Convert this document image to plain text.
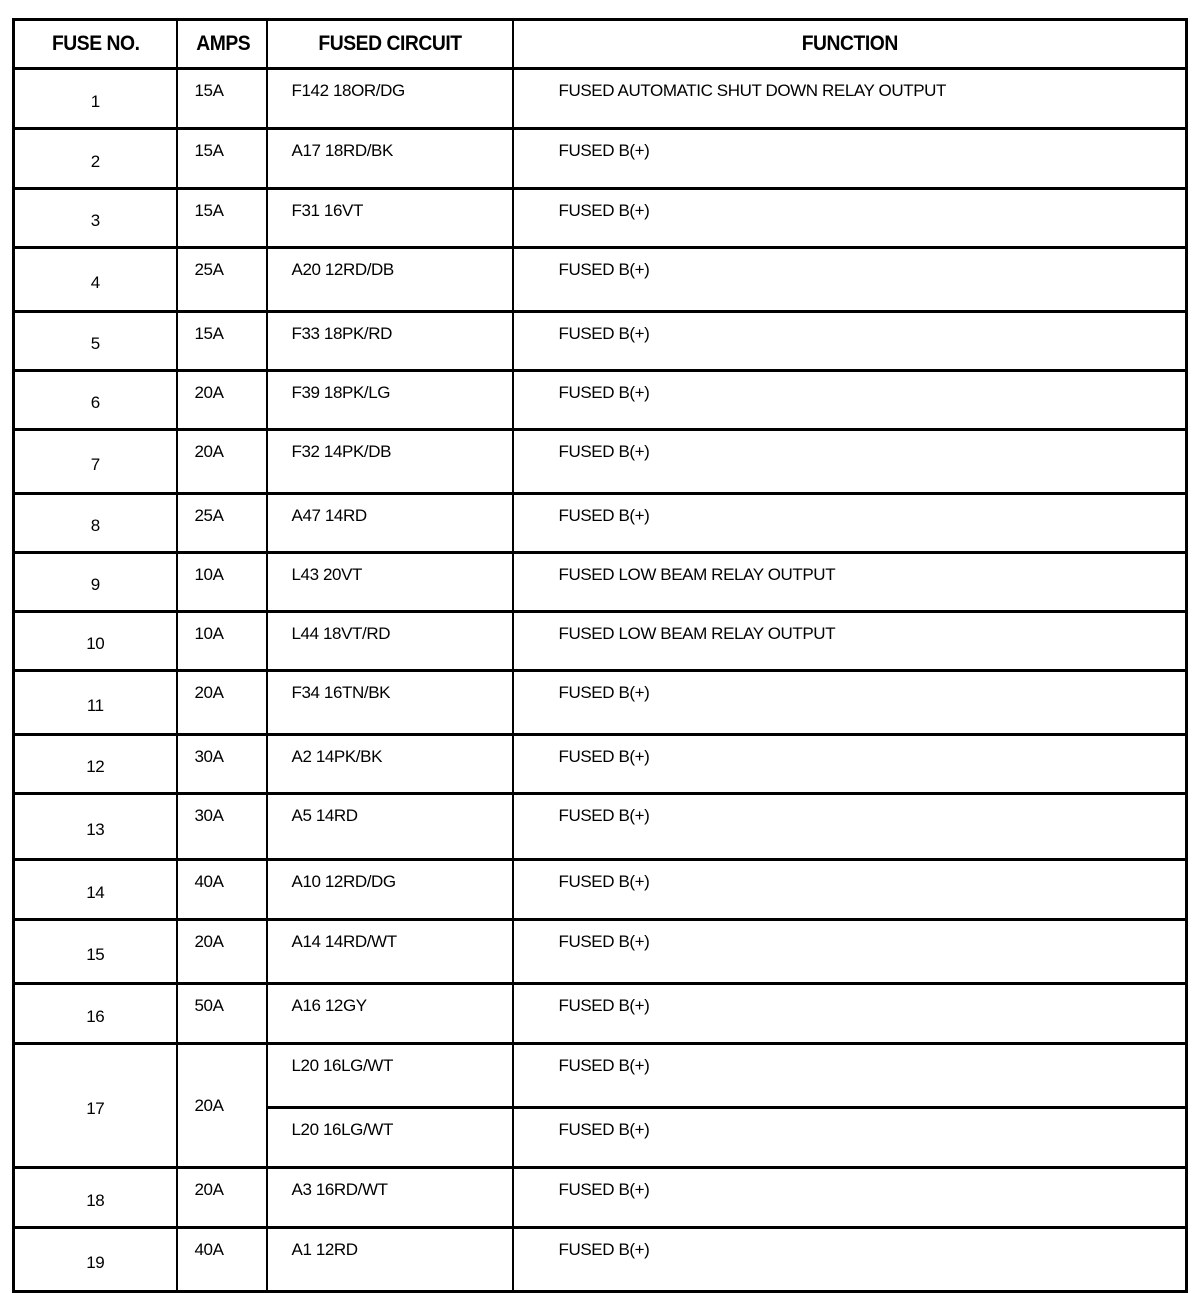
FUSE NO.	AMPS	FUSED CIRCUIT	FUNCTION
1	15A	F142 18OR/DG	FUSED AUTOMATIC SHUT DOWN RELAY OUTPUT
2	15A	A17 18RD/BK	FUSED B(+)
3	15A	F31 16VT	FUSED B(+)
4	25A	A20 12RD/DB	FUSED B(+)
5	15A	F33 18PK/RD	FUSED B(+)
6	20A	F39 18PK/LG	FUSED B(+)
7	20A	F32 14PK/DB	FUSED B(+)
8	25A	A47 14RD	FUSED B(+)
9	10A	L43 20VT	FUSED LOW BEAM RELAY OUTPUT
10	10A	L44 18VT/RD	FUSED LOW BEAM RELAY OUTPUT
11	20A	F34 16TN/BK	FUSED B(+)
12	30A	A2 14PK/BK	FUSED B(+)
13	30A	A5 14RD	FUSED B(+)
14	40A	A10 12RD/DG	FUSED B(+)
15	20A	A14 14RD/WT	FUSED B(+)
16	50A	A16 12GY	FUSED B(+)
17	20A	L20 16LG/WT	FUSED B(+)
		L20 16LG/WT	FUSED B(+)
18	20A	A3 16RD/WT	FUSED B(+)
19	40A	A1 12RD	FUSED B(+)
